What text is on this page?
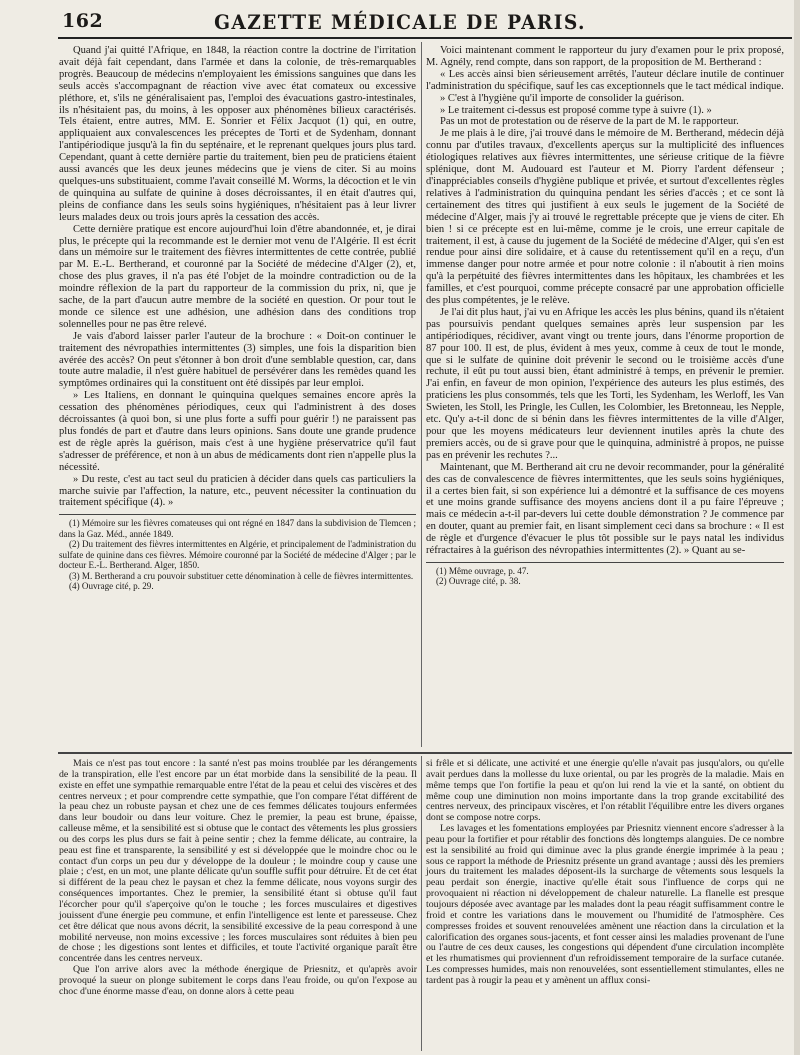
162	GAZETTE MÉDICALE DE PARIS.

Quand j'ai quitté l'Afrique, en 1848, la réaction contre la doctrine de l'irritation avait déjà fait cependant, dans l'armée et dans la colonie, de très-remarquables progrès. Beaucoup de médecins n'employaient les émissions sanguines que dans les seuls accès s'accompagnant de réaction vive avec état comateux ou excessive pléthore, et, s'ils ne généralisaient pas, l'emploi des évacuations gastro-intestinales, ils n'hésitaient pas, du moins, à les opposer aux phénomènes bilieux caractérisés. Tels étaient, entre autres, MM. E. Sonrier et Félix Jacquot (1) qui, en outre, appliquaient aux convalescences les préceptes de Torti et de Sydenham, donnant l'antipériodique jusqu'à la fin du septénaire, et le reprenant quelques jours plus tard. Cependant, quant à cette dernière partie du traitement, bien peu de praticiens étaient aussi avancés que les deux jeunes médecins que je viens de citer. Si au moins quelques-uns substituaient, comme l'avait conseillé M. Worms, la décoction et le vin de quinquina au sulfate de quinine à doses décroissantes, il en était d'autres qui, pleins de confiance dans les seuls soins hygiéniques, n'hésitaient pas à leur livrer leurs malades deux ou trois jours après la cessation des accès.

Cette dernière pratique est encore aujourd'hui loin d'être abandonnée, et, je dirai plus, le précepte qui la recommande est le dernier mot venu de l'Algérie. Il est écrit dans un mémoire sur le traitement des fièvres intermittentes de cette contrée, publié par M. E.-L. Bertherand, et couronné par la Société de médecine d'Alger (2), et, chose des plus graves, il n'a pas été l'objet de la moindre contradiction ou de la moindre réflexion de la part du rapporteur de la commission du prix, ni, que je sache, de la part d'aucun autre membre de la société en question. Or pour tout le monde ce silence est une adhésion, une adhésion dans des conditions trop solennelles pour ne pas être relevé.

Je vais d'abord laisser parler l'auteur de la brochure : « Doit-on continuer le traitement des névropathies intermittentes (3) simples, une fois la disparition bien avérée des accès? On peut s'étonner à bon droit d'une semblable question, car, dans toute autre maladie, il n'est guère habituel de persévérer dans les remèdes quand les symptômes ordinaires qui la constituent ont été dissipés par leur emploi.

» Les Italiens, en donnant le quinquina quelques semaines encore après la cessation des phénomènes périodiques, ceux qui l'administrent à des doses décroissantes (à quoi bon, si une plus forte a suffi pour guérir !) ne paraissent pas plus fondés de part et d'autre dans leurs opinions. Sans doute une grande prudence est de règle après la guérison, mais c'est à une hygiène préservatrice qu'il faut s'adresser de préférence, et non à un abus de médicaments dont rien n'appelle plus la nécessité.

» Du reste, c'est au tact seul du praticien à décider dans quels cas particuliers la marche suivie par l'affection, la nature, etc., peuvent nécessiter la continuation du traitement spécifique (4). »

(1) Mémoire sur les fièvres comateuses qui ont régné en 1847 dans la subdivision de Tlemcen ; dans la Gaz. Méd., année 1849.

(2) Du traitement des fièvres intermittentes en Algérie, et principalement de l'administration du sulfate de quinine dans ces fièvres. Mémoire couronné par la Société de médecine d'Alger ; par le docteur E.-L. Bertherand. Alger, 1850.

(3) M. Bertherand a cru pouvoir substituer cette dénomination à celle de fièvres intermittentes.

(4) Ouvrage cité, p. 29.

Voici maintenant comment le rapporteur du jury d'examen pour le prix proposé, M. Agnély, rend compte, dans son rapport, de la proposition de M. Bertherand :

« Les accès ainsi bien sérieusement arrêtés, l'auteur déclare inutile de continuer l'administration du spécifique, sauf les cas exceptionnels que le tact médical indique.

» C'est à l'hygiène qu'il importe de consolider la guérison.

» Le traitement ci-dessus est proposé comme type à suivre (1). »

Pas un mot de protestation ou de réserve de la part de M. le rapporteur.

Je me plais à le dire, j'ai trouvé dans le mémoire de M. Bertherand, médecin déjà connu par d'utiles travaux, d'excellents aperçus sur la multiplicité des influences étiologiques relatives aux fièvres intermittentes, une sérieuse critique de la fièvre splénique, dont M. Audouard est l'auteur et M. Piorry l'ardent défenseur ; d'inappréciables conseils d'hygiène publique et privée, et surtout d'excellentes règles relatives à l'administration du quinquina pendant les séries d'accès ; et ce sont là certainement des titres qui justifient à eux seuls le jugement de la Société de médecine d'Alger, mais j'y ai trouvé le regrettable précepte que je viens de citer. Eh bien ! si ce précepte est en lui-même, comme je le crois, une erreur capitale de traitement, il est, à cause du jugement de la Société de médecine d'Alger, qui s'en est rendue pour ainsi dire solidaire, et à cause du retentissement qu'il en a reçu, d'un immense danger pour notre armée et pour notre colonie : il n'aboutit à rien moins qu'à la perpétuité des fièvres intermittentes dans les hôpitaux, les chambrées et les familles, et c'est pourquoi, comme précepte consacré par une approbation officielle des plus compétentes, je le relève.

Je l'ai dit plus haut, j'ai vu en Afrique les accès les plus bénins, quand ils n'étaient pas poursuivis pendant quelques semaines après leur suspension par les antipériodiques, récidiver, avant vingt ou trente jours, dans l'énorme proportion de 87 pour 100. Il est, de plus, évident à mes yeux, comme à ceux de tout le monde, que si le sulfate de quinine doit prévenir le second ou le troisième accès d'une rechute, il eût pu tout aussi bien, étant administré à temps, en prévenir le premier. J'ai enfin, en faveur de mon opinion, l'expérience des auteurs les plus estimés, des praticiens les plus consommés, tels que les Torti, les Sydenham, les Werloff, les Van Swieten, les Stoll, les Pringle, les Cullen, les Colombier, les Bretonneau, les Nepple, etc. Qu'y a-t-il donc de si bénin dans les fièvres intermittentes de la ville d'Alger, pour que les moyens médicateurs leur deviennent inutiles après la chute des premiers accès, ou de si grave pour que le quinquina, administré à propos, ne puisse pas en prévenir les rechutes ?...

Maintenant, que M. Bertherand ait cru ne devoir recommander, pour la généralité des cas de convalescence de fièvres intermittentes, que les seuls soins hygiéniques, il a certes bien fait, si son expérience lui a démontré et la suffisance de ces moyens et une moins grande suffisance des moyens anciens dont il a pu faire l'épreuve ; mais ce médecin a-t-il par-devers lui cette double démonstration ? Je commence par en douter, quant au premier fait, en lisant simplement ceci dans sa brochure : « Il est de règle et d'urgence d'évacuer le plus tôt possible sur le pays natal les individus réfractaires à la guérison des névropathies intermittentes (2). » Quant au se-

(1) Même ouvrage, p. 47.

(2) Ouvrage cité, p. 38.

Mais ce n'est pas tout encore : la santé n'est pas moins troublée par les dérangements de la transpiration, elle l'est encore par un état morbide dans la sensibilité de la peau. Il existe en effet une sympathie remarquable entre l'état de la peau et celui des viscères et des centres nerveux ; et pour comprendre cette sympathie, que l'on compare l'état différent de la peau chez un robuste paysan et chez une de ces femmes délicates toujours enfermées dans leur boudoir ou dans leur voiture. Chez le premier, la peau est brune, épaisse, calleuse même, et la sensibilité est si obtuse que le contact des vêtements les plus grossiers ou des corps les plus durs se fait à peine sentir ; chez la femme délicate, au contraire, la peau est fine et transparente, la sensibilité y est si développée que le moindre choc ou le contact d'un corps un peu dur y développe de la douleur ; le moindre coup y cause une plaie ; c'est, en un mot, une plante délicate qu'un souffle suffit pour détruire. Et de cet état si différent de la peau chez le paysan et chez la femme délicate, nous voyons surgir des conséquences importantes. Chez le premier, la sensibilité étant si obtuse qu'il faut l'écorcher pour qu'il s'aperçoive qu'on le touche ; les forces musculaires et digestives jouissent d'une énergie peu commune, et enfin l'intelligence est lente et paresseuse. Chez cet être délicat que nous avons décrit, la sensibilité excessive de la peau correspond à une mobilité nerveuse, non moins excessive ; les forces musculaires sont réduites à bien peu de chose ; les digestions sont lentes et difficiles, et toute l'activité organique paraît être concentrée dans les centres nerveux.

Que l'on arrive alors avec la méthode énergique de Priesnitz, et qu'après avoir provoqué la sueur on plonge subitement le corps dans l'eau froide, ou qu'on l'expose au choc d'une énorme masse d'eau, on donne alors à cette peau

si frêle et si délicate, une activité et une énergie qu'elle n'avait pas jusqu'alors, ou qu'elle avait perdues dans la mollesse du luxe oriental, ou par les progrès de la maladie. Mais en même temps que l'on fortifie la peau et qu'on lui rend la vie et la santé, on obtient du même coup une diminution non moins importante dans la trop grande excitabilité des centres nerveux, des principaux viscères, et l'on rétablit l'équilibre entre les divers organes dont se compose notre corps.

Les lavages et les fomentations employées par Priesnitz viennent encore s'adresser à la peau pour la fortifier et pour rétablir des fonctions dès longtemps alanguies. De ce nombre est la sensibilité au froid qui diminue avec la plus grande énergie imprimée à la peau ; sous ce rapport la méthode de Priesnitz présente un grand avantage ; aussi dès les premiers jours du traitement les malades déposent-ils la surcharge de vêtements sous lesquels la peau perdait son énergie, inactive qu'elle était sous l'influence de corps qui ne provoquaient ni réaction ni développement de chaleur naturelle. La flanelle est presque toujours déposée avec avantage par les malades dont la peau réagit suffisamment contre le froid et contre les variations dans le mouvement ou l'humidité de l'atmosphère. Ces compresses froides et souvent renouvelées amènent une réaction dans la circulation et la calorification des organes sous-jacents, et font cesser ainsi les maladies provenant de l'une ou l'autre de ces deux causes, les congestions qui dépendent d'une circulation incomplète et les rhumatismes qui proviennent d'un refroidissement temporaire de la surface cutanée. Les compresses humides, mais non renouvelées, sont essentiellement stimulantes, elles ne tardent pas à rougir la peau et y amènent un afflux consi-
